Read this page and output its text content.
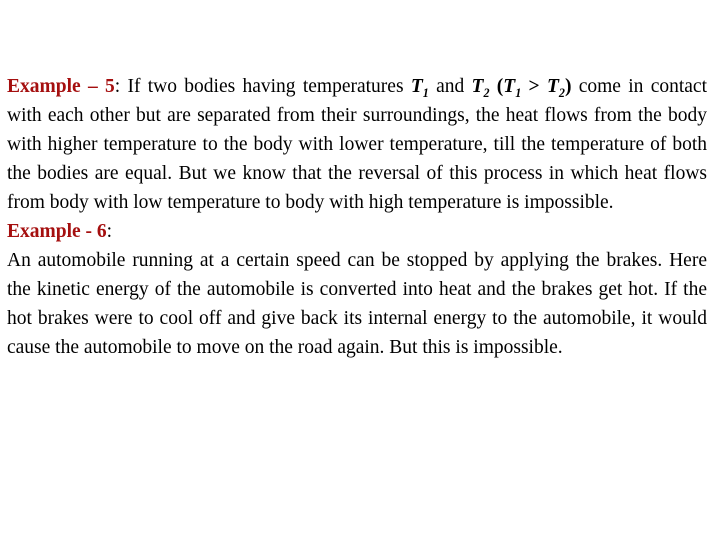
Example – 5: If two bodies having temperatures $T_1$ and $T_2$ $(T_1 > T_2)$ come in contact with each other but are separated from their surroundings, the heat flows from the body with higher temperature to the body with lower temperature, till the temperature of both the bodies are equal. But we know that the reversal of this process in which heat flows from body with low temperature to body with high temperature is impossible.

Example - 6:

An automobile running at a certain speed can be stopped by applying the brakes. Here the kinetic energy of the automobile is converted into heat and the brakes get hot. If the hot brakes were to cool off and give back its internal energy to the automobile, it would cause the automobile to move on the road again. But this is impossible.
